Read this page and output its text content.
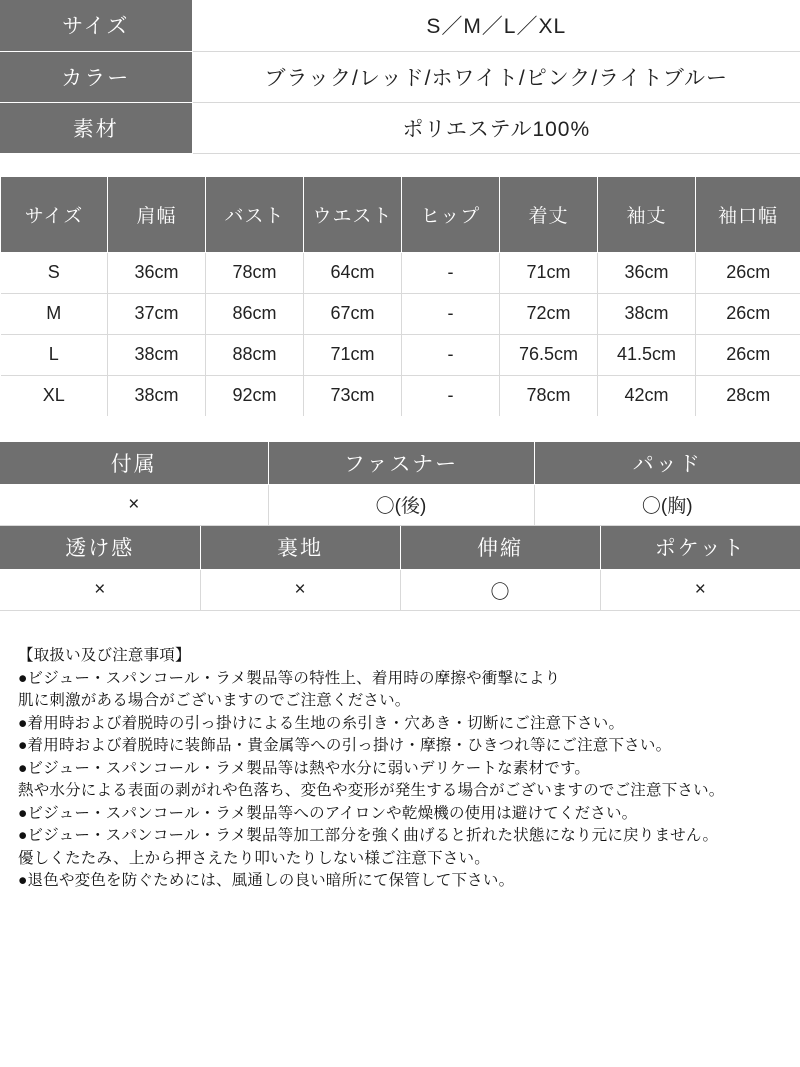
サイズ	S／M／L／XL
カラー	ブラック/レッド/ホワイト/ピンク/ライトブルー
素材	ポリエステル100%
サイズ	肩幅	バスト	ウエスト	ヒップ	着丈	袖丈	袖口幅
S	36cm	78cm	64cm	-	71cm	36cm	26cm
M	37cm	86cm	67cm	-	72cm	38cm	26cm
L	38cm	88cm	71cm	-	76.5cm	41.5cm	26cm
XL	38cm	92cm	73cm	-	78cm	42cm	28cm
付属	ファスナー	パッド
×	〇(後)	〇(胸)
透け感	裏地	伸縮	ポケット
×	×	〇	×
【取扱い及び注意事項】
●ビジュー・スパンコール・ラメ製品等の特性上、着用時の摩擦や衝撃により
肌に刺激がある場合がございますのでご注意ください。
●着用時および着脱時の引っ掛けによる生地の糸引き・穴あき・切断にご注意下さい。
●着用時および着脱時に装飾品・貴金属等への引っ掛け・摩擦・ひきつれ等にご注意下さい。
●ビジュー・スパンコール・ラメ製品等は熱や水分に弱いデリケートな素材です。
熱や水分による表面の剥がれや色落ち、変色や変形が発生する場合がございますのでご注意下さい。
●ビジュー・スパンコール・ラメ製品等へのアイロンや乾燥機の使用は避けてください。
●ビジュー・スパンコール・ラメ製品等加工部分を強く曲げると折れた状態になり元に戻りません。
優しくたたみ、上から押さえたり叩いたりしない様ご注意下さい。
●退色や変色を防ぐためには、風通しの良い暗所にて保管して下さい。
